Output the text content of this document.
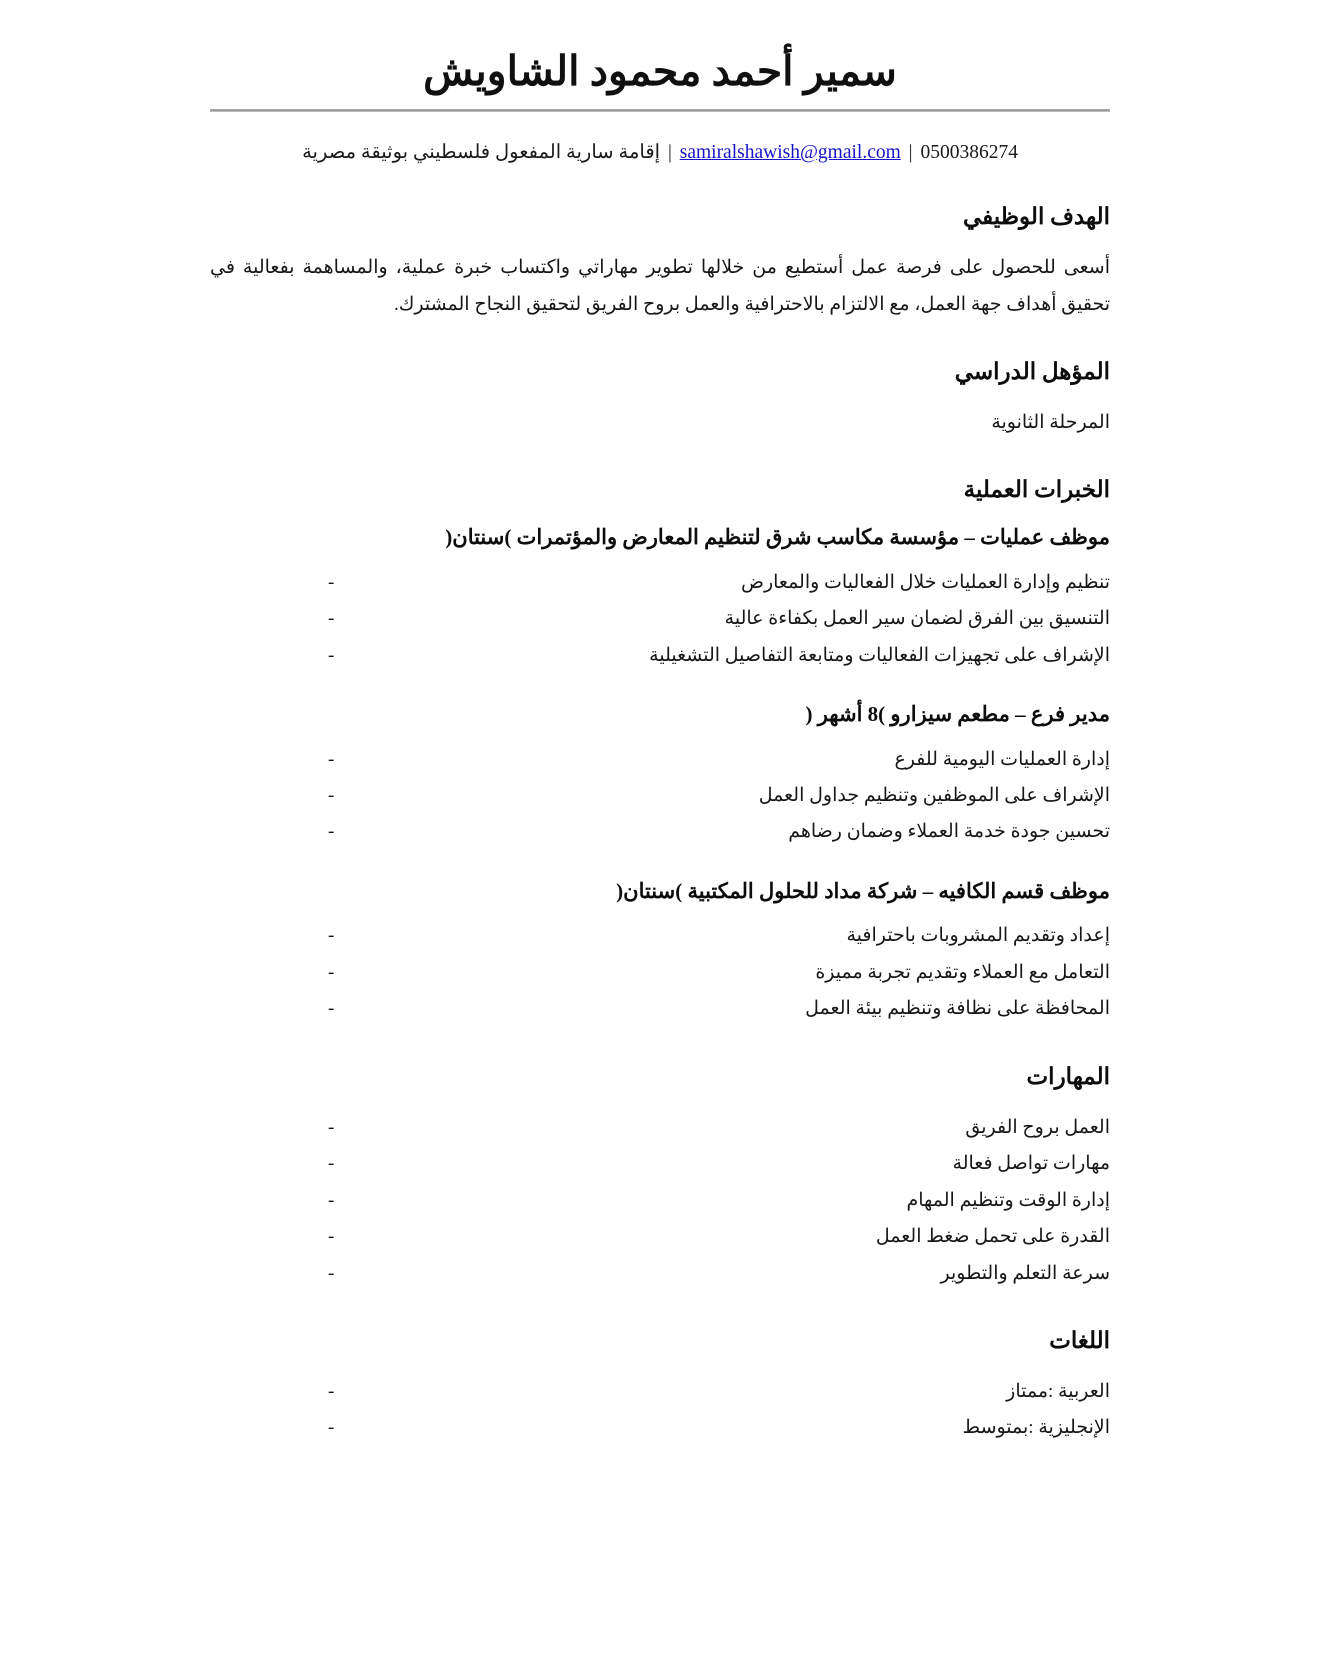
سمير أحمد محمود الشاويش
0500386274 | samiralshawish@gmail.com | إقامة سارية المفعول فلسطيني بوثيقة مصرية
الهدف الوظيفي

أسعى للحصول على فرصة عمل أستطيع من خلالها تطوير مهاراتي واكتساب خبرة عملية، والمساهمة بفعالية في تحقيق أهداف جهة العمل، مع الالتزام بالاحترافية والعمل بروح الفريق لتحقيق النجاح المشترك.

المؤهل الدراسي

المرحلة الثانوية

الخبرات العملية
موظف عمليات – مؤسسة مكاسب شرق لتنظيم المعارض والمؤتمرات )سنتان(
تنظيم وإدارة العمليات خلال الفعاليات والمعارض -
التنسيق بين الفرق لضمان سير العمل بكفاءة عالية -
الإشراف على تجهيزات الفعاليات ومتابعة التفاصيل التشغيلية -
مدير فرع – مطعم سيزارو )8 أشهر (
إدارة العمليات اليومية للفرع -
الإشراف على الموظفين وتنظيم جداول العمل -
تحسين جودة خدمة العملاء وضمان رضاهم -
موظف قسم الكافيه – شركة مداد للحلول المكتبية )سنتان(
إعداد وتقديم المشروبات باحترافية -
التعامل مع العملاء وتقديم تجربة مميزة -
المحافظة على نظافة وتنظيم بيئة العمل -
المهارات
العمل بروح الفريق -
مهارات تواصل فعالة -
إدارة الوقت وتنظيم المهام -
القدرة على تحمل ضغط العمل -
سرعة التعلم والتطوير -
اللغات
العربية :ممتاز -
الإنجليزية :بمتوسط -
